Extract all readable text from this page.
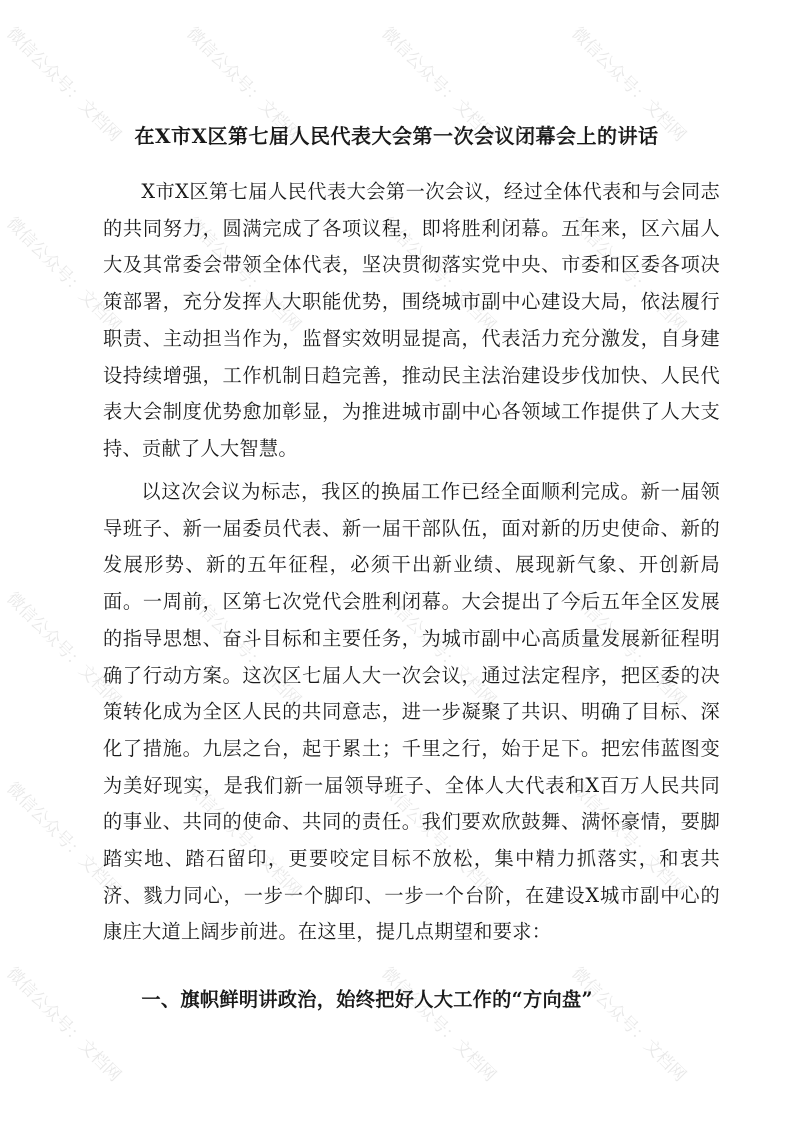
微信公众号：文档网	微信公众号：文档网	微信公众号：文档网	微信公众号：文档网
微信公众号：文档网	微信公众号：文档网	微信公众号：文档网	微信公众号：文档网
微信公众号：文档网	微信公众号：文档网	微信公众号：文档网	微信公众号：文档网
微信公众号：文档网	微信公众号：文档网	微信公众号：文档网	微信公众号：文档网
微信公众号：文档网	微信公众号：文档网	微信公众号：文档网
在X市X区第七届人民代表大会第一次会议闭幕会上的讲话

X市X区第七届人民代表大会第一次会议，经过全体代表和与会同志的共同努力，圆满完成了各项议程，即将胜利闭幕。五年来，区六届人大及其常委会带领全体代表，坚决贯彻落实党中央、市委和区委各项决策部署，充分发挥人大职能优势，围绕城市副中心建设大局，依法履行职责、主动担当作为，监督实效明显提高，代表活力充分激发，自身建设持续增强，工作机制日趋完善，推动民主法治建设步伐加快、人民代表大会制度优势愈加彰显，为推进城市副中心各领域工作提供了人大支持、贡献了人大智慧。

以这次会议为标志，我区的换届工作已经全面顺利完成。新一届领导班子、新一届委员代表、新一届干部队伍，面对新的历史使命、新的发展形势、新的五年征程，必须干出新业绩、展现新气象、开创新局面。一周前，区第七次党代会胜利闭幕。大会提出了今后五年全区发展的指导思想、奋斗目标和主要任务，为城市副中心高质量发展新征程明确了行动方案。这次区七届人大一次会议，通过法定程序，把区委的决策转化成为全区人民的共同意志，进一步凝聚了共识、明确了目标、深化了措施。九层之台，起于累土；千里之行，始于足下。把宏伟蓝图变为美好现实，是我们新一届领导班子、全体人大代表和X百万人民共同的事业、共同的使命、共同的责任。我们要欢欣鼓舞、满怀豪情，要脚踏实地、踏石留印，更要咬定目标不放松，集中精力抓落实，和衷共济、戮力同心，一步一个脚印、一步一个台阶，在建设X城市副中心的康庄大道上阔步前进。在这里，提几点期望和要求：

一、旗帜鲜明讲政治，始终把好人大工作的“方向盘”
